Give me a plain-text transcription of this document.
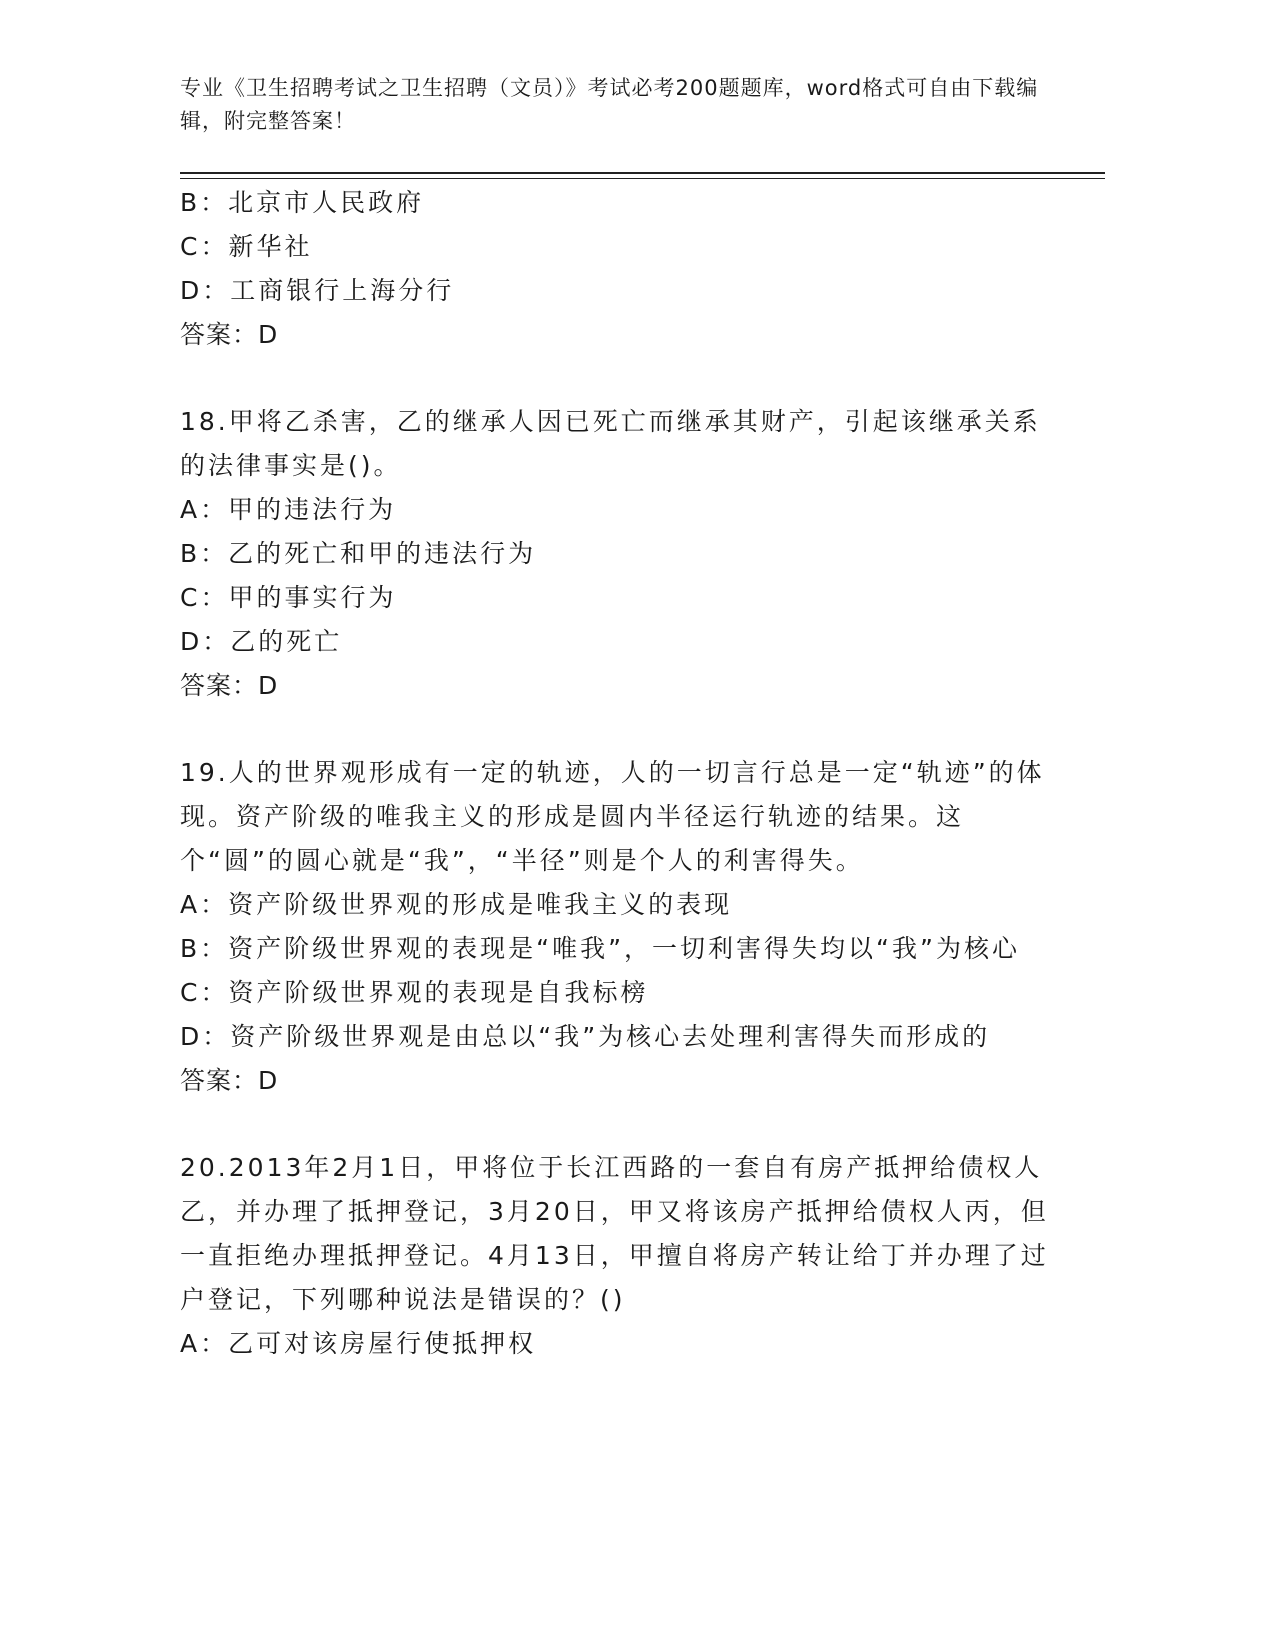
专业《卫生招聘考试之卫生招聘（文员）》考试必考200题题库，word格式可自由下载编辑，附完整答案！

B：北京市人民政府

C：新华社

D：工商银行上海分行

答案：D

18.甲将乙杀害，乙的继承人因已死亡而继承其财产，引起该继承关系的法律事实是()。

A：甲的违法行为

B：乙的死亡和甲的违法行为

C：甲的事实行为

D：乙的死亡

答案：D

19.人的世界观形成有一定的轨迹，人的一切言行总是一定“轨迹”的体现。资产阶级的唯我主义的形成是圆内半径运行轨迹的结果。这个“圆”的圆心就是“我”，“半径”则是个人的利害得失。

A：资产阶级世界观的形成是唯我主义的表现

B：资产阶级世界观的表现是“唯我”，一切利害得失均以“我”为核心

C：资产阶级世界观的表现是自我标榜

D：资产阶级世界观是由总以“我”为核心去处理利害得失而形成的

答案：D

20.2013年2月1日，甲将位于长江西路的一套自有房产抵押给债权人乙，并办理了抵押登记，3月20日，甲又将该房产抵押给债权人丙，但一直拒绝办理抵押登记。4月13日，甲擅自将房产转让给丁并办理了过户登记，下列哪种说法是错误的？()

A：乙可对该房屋行使抵押权
